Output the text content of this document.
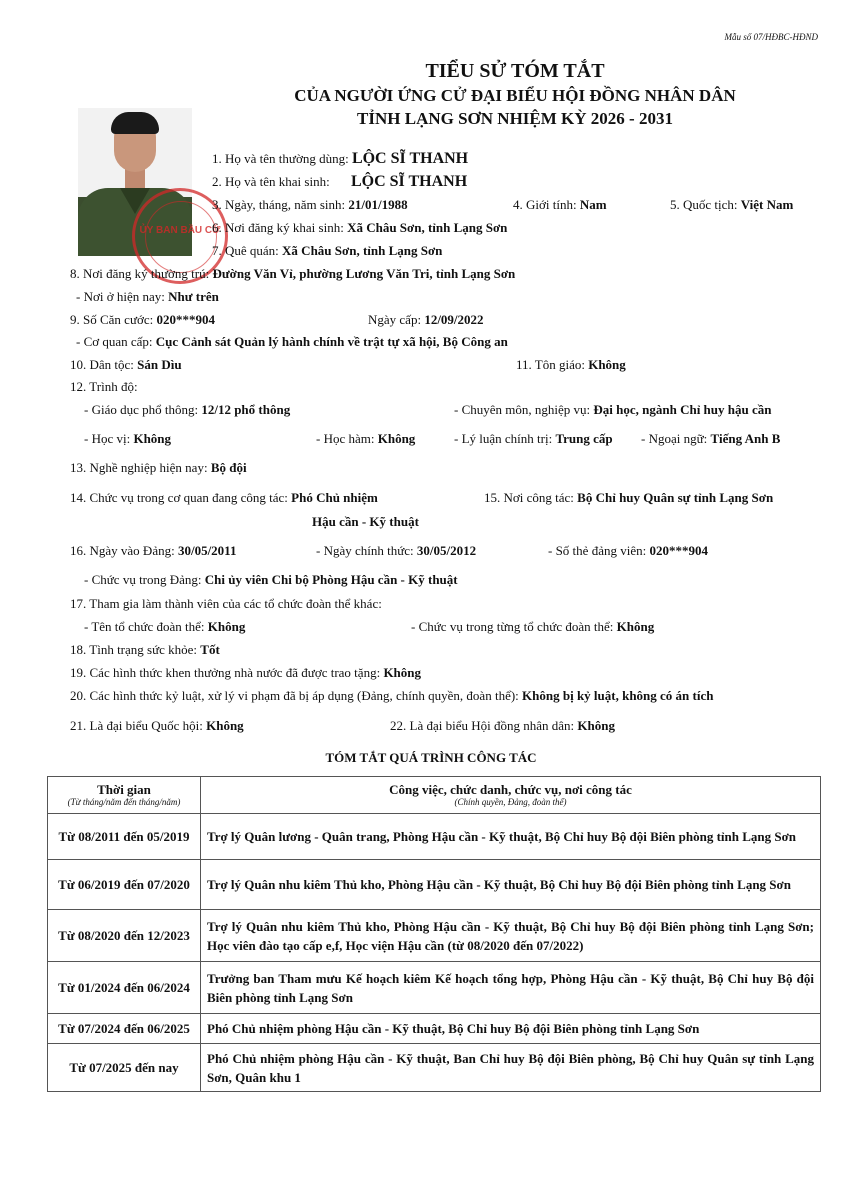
Mẫu số 07/HĐBC-HĐND
TIỂU SỬ TÓM TẮT
CỦA NGƯỜI ỨNG CỬ ĐẠI BIỂU HỘI ĐỒNG NHÂN DÂN
TỈNH LẠNG SƠN NHIỆM KỲ 2026 - 2031
ỦY BAN BẦU CỬ
1. Họ và tên thường dùng: LỘC SĨ THANH
2. Họ và tên khai sinh: LỘC SĨ THANH
3. Ngày, tháng, năm sinh: 21/01/1988	4. Giới tính: Nam	5. Quốc tịch: Việt Nam
6. Nơi đăng ký khai sinh: Xã Châu Sơn, tỉnh Lạng Sơn
7. Quê quán: Xã Châu Sơn, tỉnh Lạng Sơn
8. Nơi đăng ký thường trú: Đường Văn Vỉ, phường Lương Văn Tri, tỉnh Lạng Sơn
- Nơi ở hiện nay: Như trên
9. Số Căn cước: 020***904	Ngày cấp: 12/09/2022
- Cơ quan cấp: Cục Cảnh sát Quản lý hành chính về trật tự xã hội, Bộ Công an
10. Dân tộc: Sán Dìu	11. Tôn giáo: Không
12. Trình độ:
- Giáo dục phổ thông: 12/12 phổ thông	- Chuyên môn, nghiệp vụ: Đại học, ngành Chỉ huy hậu cần
- Học vị: Không	- Học hàm: Không	- Lý luận chính trị: Trung cấp - Ngoại ngữ: Tiếng Anh B
13. Nghề nghiệp hiện nay: Bộ đội
14. Chức vụ trong cơ quan đang công tác: Phó Chủ nhiệm
Hậu cần - Kỹ thuật
15. Nơi công tác: Bộ Chỉ huy Quân sự tỉnh Lạng Sơn
16. Ngày vào Đảng: 30/05/2011	- Ngày chính thức: 30/05/2012	- Số thẻ đảng viên: 020***904
- Chức vụ trong Đảng: Chi ủy viên Chi bộ Phòng Hậu cần - Kỹ thuật
17. Tham gia làm thành viên của các tổ chức đoàn thể khác:
- Tên tổ chức đoàn thể: Không	- Chức vụ trong từng tổ chức đoàn thể: Không
18. Tình trạng sức khỏe: Tốt
19. Các hình thức khen thưởng nhà nước đã được trao tặng: Không
20. Các hình thức kỷ luật, xử lý vi phạm đã bị áp dụng (Đảng, chính quyền, đoàn thể): Không bị kỷ luật, không có án tích
21. Là đại biểu Quốc hội: Không	22. Là đại biểu Hội đồng nhân dân: Không
TÓM TẮT QUÁ TRÌNH CÔNG TÁC
Thời gian
(Từ tháng/năm đến tháng/năm)	Công việc, chức danh, chức vụ, nơi công tác
(Chính quyền, Đảng, đoàn thể)

Từ 08/2011 đến 05/2019	Trợ lý Quân lương - Quân trang, Phòng Hậu cần - Kỹ thuật, Bộ Chỉ huy Bộ đội Biên phòng tỉnh Lạng Sơn
Từ 06/2019 đến 07/2020	Trợ lý Quân nhu kiêm Thủ kho, Phòng Hậu cần - Kỹ thuật, Bộ Chỉ huy Bộ đội Biên phòng tỉnh Lạng Sơn
Từ 08/2020 đến 12/2023	Trợ lý Quân nhu kiêm Thủ kho, Phòng Hậu cần - Kỹ thuật, Bộ Chỉ huy Bộ đội Biên phòng tỉnh Lạng Sơn; Học viên đào tạo cấp e,f, Học viện Hậu cần (từ 08/2020 đến 07/2022)
Từ 01/2024 đến 06/2024	Trưởng ban Tham mưu Kế hoạch kiêm Kế hoạch tổng hợp, Phòng Hậu cần - Kỹ thuật, Bộ Chỉ huy Bộ đội Biên phòng tỉnh Lạng Sơn
Từ 07/2024 đến 06/2025	Phó Chủ nhiệm phòng Hậu cần - Kỹ thuật, Bộ Chỉ huy Bộ đội Biên phòng tỉnh Lạng Sơn
Từ 07/2025 đến nay	Phó Chủ nhiệm phòng Hậu cần - Kỹ thuật, Ban Chỉ huy Bộ đội Biên phòng, Bộ Chỉ huy Quân sự tỉnh Lạng Sơn, Quân khu 1
